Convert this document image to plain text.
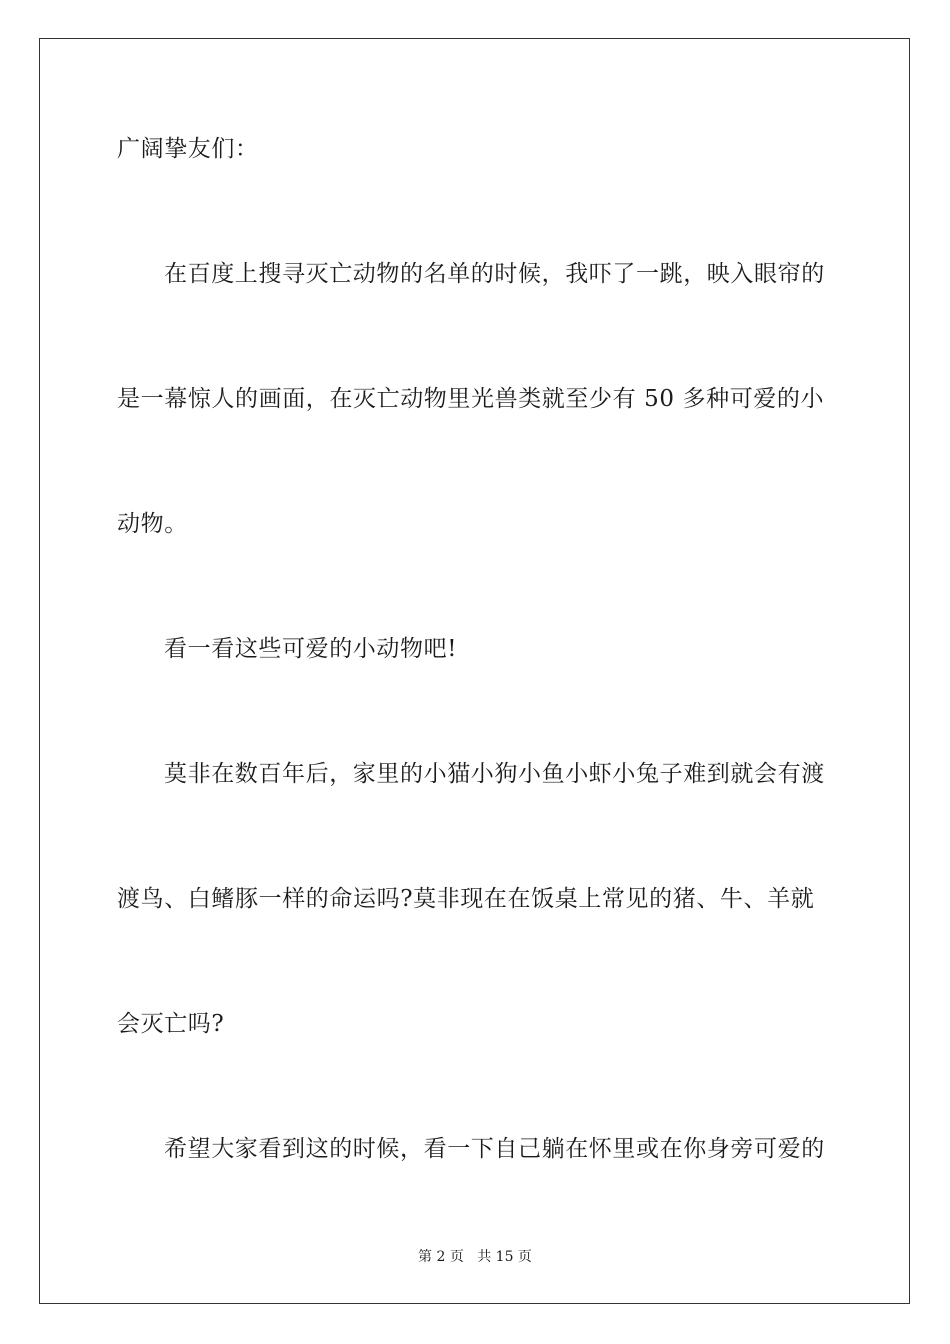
广阔挚友们：

在百度上搜寻灭亡动物的名单的时候，我吓了一跳，映入眼帘的

是一幕惊人的画面，在灭亡动物里光兽类就至少有 50 多种可爱的小

动物。

看一看这些可爱的小动物吧!

莫非在数百年后，家里的小猫小狗小鱼小虾小兔子难到就会有渡

渡鸟、白鳍豚一样的命运吗?莫非现在在饭桌上常见的猪、牛、羊就

会灭亡吗?

希望大家看到这的时候，看一下自己躺在怀里或在你身旁可爱的

第 2 页 共 15 页
